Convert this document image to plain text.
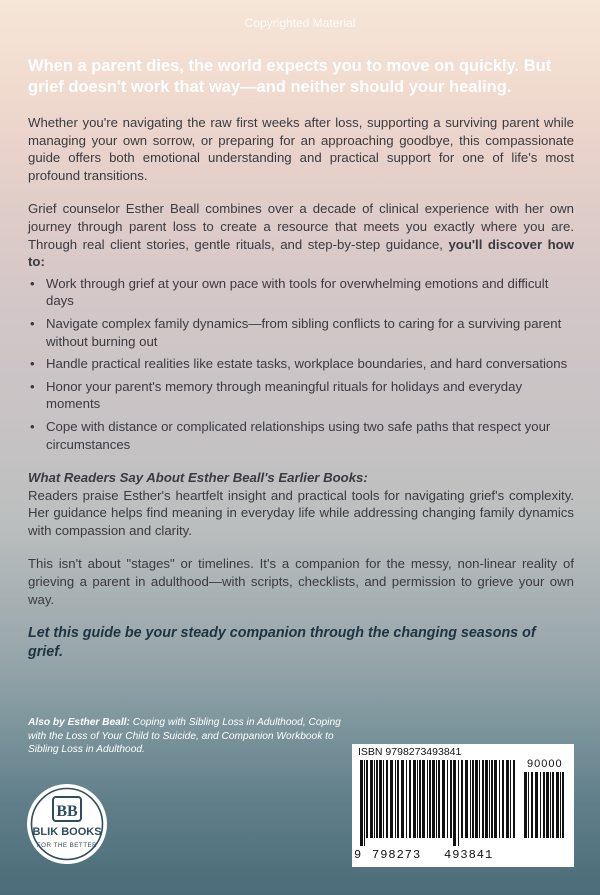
Copyrighted Material
When a parent dies, the world expects you to move on quickly. But grief doesn't work that way—and neither should your healing.

Whether you're navigating the raw first weeks after loss, supporting a surviving parent while managing your own sorrow, or preparing for an approaching goodbye, this compassionate guide offers both emotional understanding and practical support for one of life's most profound transitions.

Grief counselor Esther Beall combines over a decade of clinical experience with her own journey through parent loss to create a resource that meets you exactly where you are. Through real client stories, gentle rituals, and step-by-step guidance, you'll discover how to:

• Work through grief at your own pace with tools for overwhelming emotions and difficult days
• Navigate complex family dynamics—from sibling conflicts to caring for a surviving parent without burning out
• Handle practical realities like estate tasks, workplace boundaries, and hard conversations
• Honor your parent's memory through meaningful rituals for holidays and everyday moments
• Cope with distance or complicated relationships using two safe paths that respect your circumstances

What Readers Say About Esther Beall's Earlier Books:

Readers praise Esther's heartfelt insight and practical tools for navigating grief's complexity. Her guidance helps find meaning in everyday life while addressing changing family dynamics with compassion and clarity.

This isn't about "stages" or timelines. It's a companion for the messy, non-linear reality of grieving a parent in adulthood—with scripts, checklists, and permission to grieve your own way.

Let this guide be your steady companion through the changing seasons of grief.
Also by Esther Beall: Coping with Sibling Loss in Adulthood, Coping with the Loss of Your Child to Suicide, and Companion Workbook to Sibling Loss in Adulthood.
BB
BLIK BOOKS
FOR THE BETTER
ISBN 9798273493841
90000
9 798273 493841
